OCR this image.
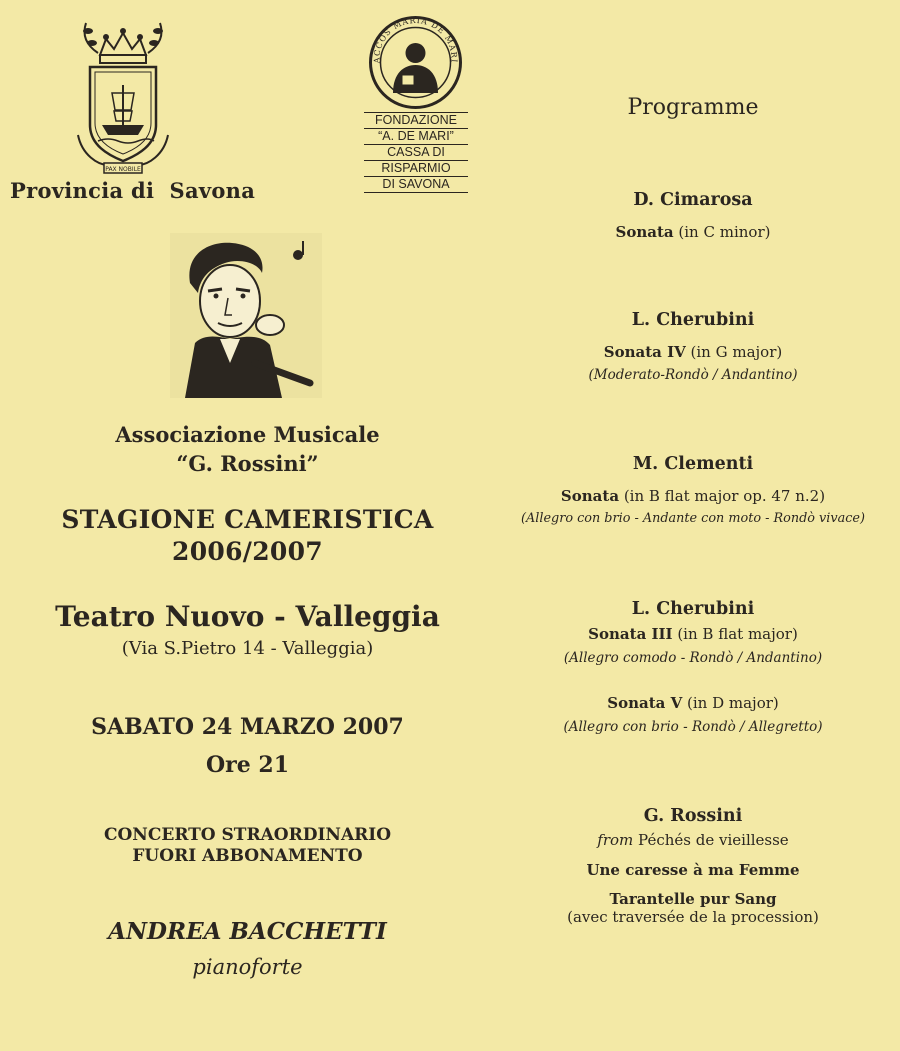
PAX NOBILE
Provincia di  Savona
ACCOS MARIA DE MARI
FONDAZIONE
“A. DE MARI”
CASSA DI
RISPARMIO
DI SAVONA
Associazione Musicale
“G. Rossini”
STAGIONE CAMERISTICA
2006/2007
Teatro Nuovo - Valleggia
(Via S.Pietro 14 - Valleggia)
SABATO 24 MARZO 2007
Ore 21
CONCERTO STRAORDINARIO
FUORI ABBONAMENTO
ANDREA BACCHETTI
pianoforte
Programme
D. Cimarosa
Sonata (in C minor)
L. Cherubini
Sonata IV (in G major)
(Moderato-Rondò / Andantino)
M. Clementi
Sonata (in B flat major op. 47 n.2)
(Allegro con brio - Andante con moto - Rondò vivace)
L. Cherubini
Sonata III (in B flat major)
(Allegro comodo - Rondò / Andantino)
Sonata V (in D major)
(Allegro con brio - Rondò / Allegretto)
G. Rossini
from Péchés de vieillesse
Une caresse à ma Femme
Tarantelle pur Sang
(avec traversée de la procession)
